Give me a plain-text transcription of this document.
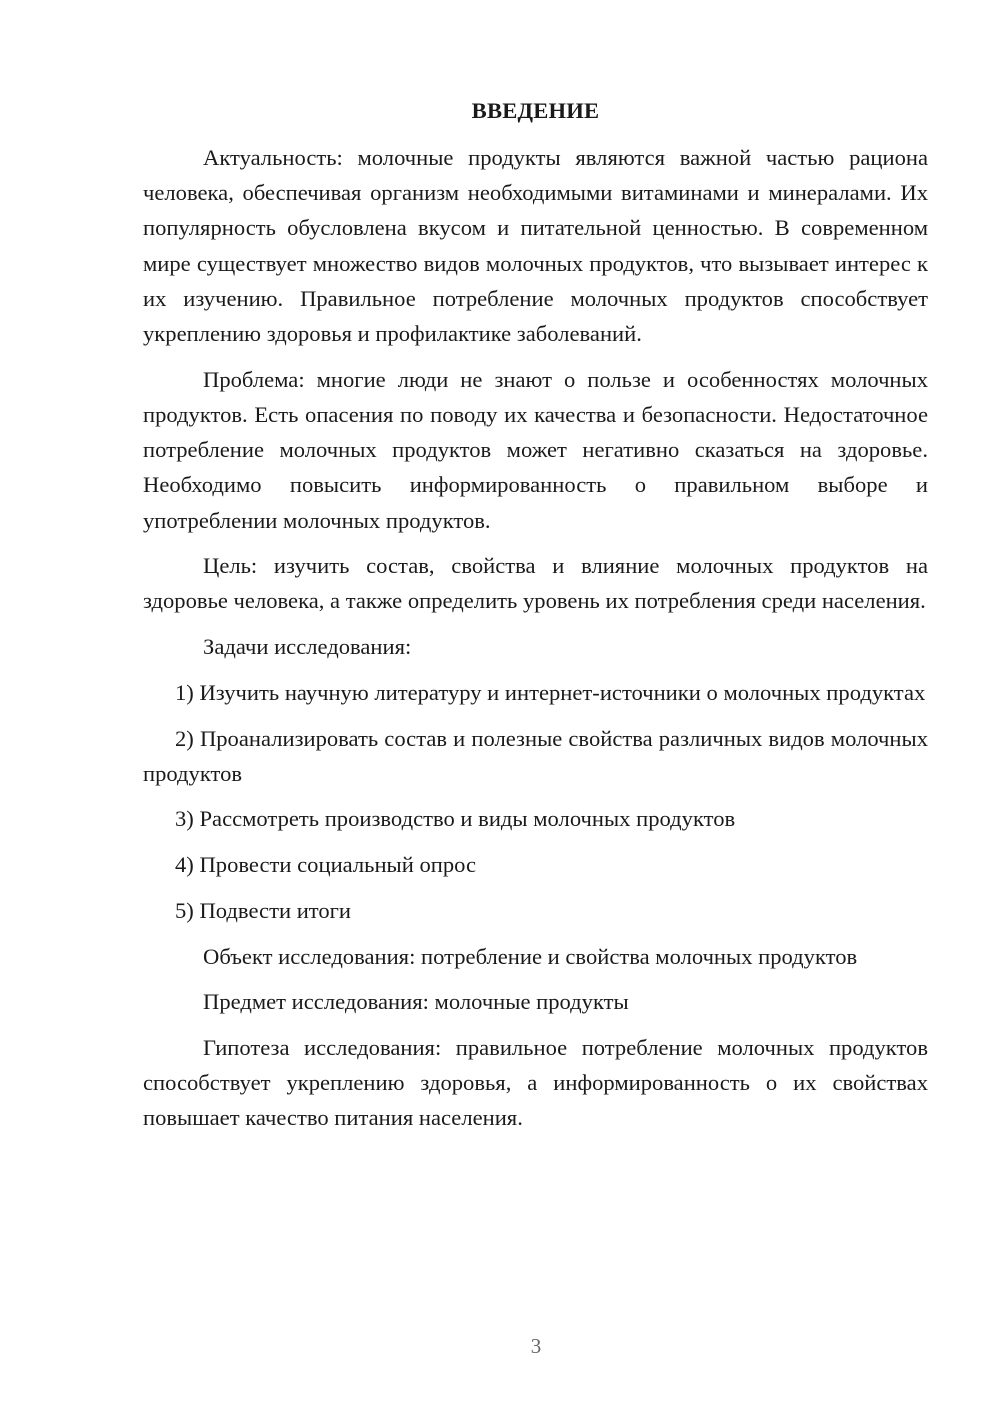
ВВЕДЕНИЕ

Актуальность: молочные продукты являются важной частью рациона человека, обеспечивая организм необходимыми витаминами и минералами. Их популярность обусловлена вкусом и питательной ценностью. В современном мире существует множество видов молочных продуктов, что вызывает интерес к их изучению. Правильное потребление молочных продуктов способствует укреплению здоровья и профилактике заболеваний.

Проблема: многие люди не знают о пользе и особенностях молочных продуктов. Есть опасения по поводу их качества и безопасности. Недостаточное потребление молочных продуктов может негативно сказаться на здоровье. Необходимо повысить информированность о правильном выборе и употреблении молочных продуктов.

Цель: изучить состав, свойства и влияние молочных продуктов на здоровье человека, а также определить уровень их потребления среди населения.

Задачи исследования:

1) Изучить научную литературу и интернет-источники о молочных продуктах

2) Проанализировать состав и полезные свойства различных видов молочных продуктов

3) Рассмотреть производство и виды молочных продуктов

4) Провести социальный опрос

5) Подвести итоги

Объект исследования: потребление и свойства молочных продуктов

Предмет исследования: молочные продукты

Гипотеза исследования: правильное потребление молочных продуктов способствует укреплению здоровья, а информированность о их свойствах повышает качество питания населения.

3
